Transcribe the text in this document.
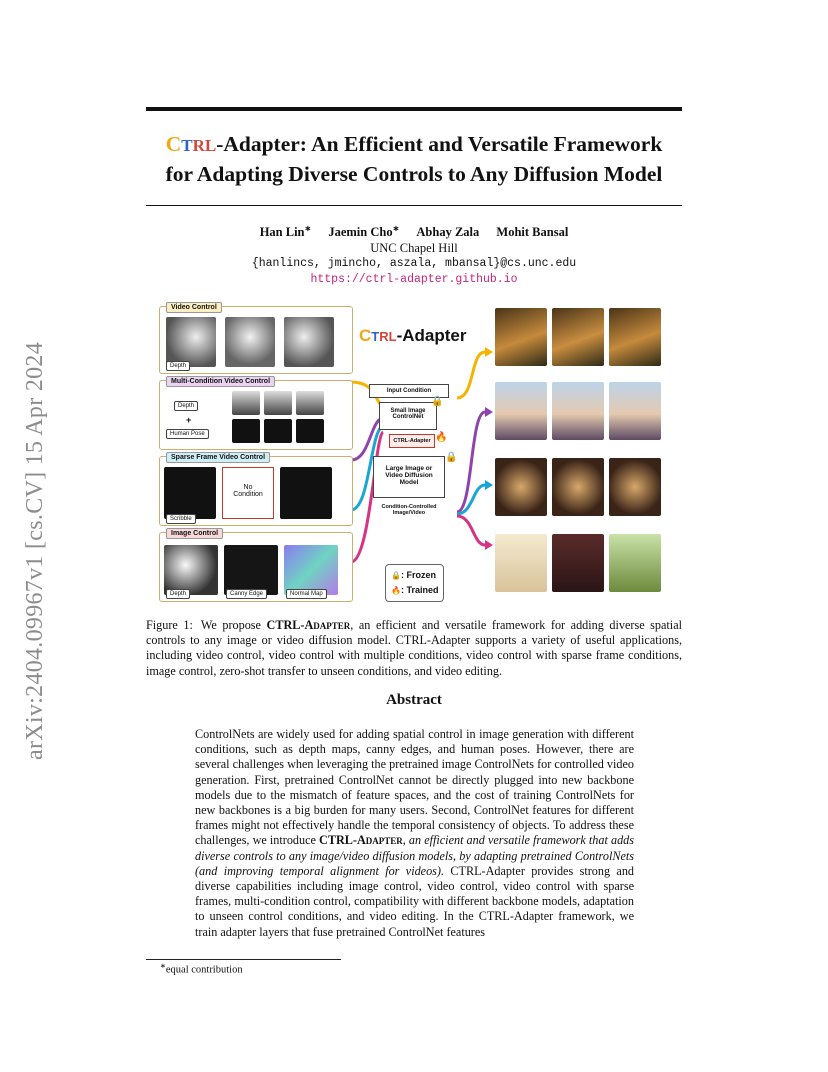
arXiv:2404.09967v1 [cs.CV] 15 Apr 2024
CTRL-Adapter: An Efficient and Versatile Framework
for Adapting Diverse Controls to Any Diffusion Model
Han Lin∗ Jaemin Cho∗ Abhay Zala Mohit Bansal
UNC Chapel Hill
{hanlincs, jmincho, aszala, mbansal}@cs.unc.edu
https://ctrl-adapter.github.io
Video Control
Depth
Multi-Condition Video Control
Depth
+
Human Pose
Sparse Frame Video Control
No Condition
Scribble
Image Control
Depth	Canny Edge	Normal Map
CTRL-Adapter
Input Condition
Small Image ControlNet
CTRL-Adapter
Large Image or Video Diffusion Model
Condition-Controlled Image/Video
🔒
🔥
🔒
🔒: Frozen
🔥: Trained
Figure 1: We propose CTRL-Adapter, an efficient and versatile framework for adding diverse spatial controls to any image or video diffusion model. CTRL-Adapter supports a variety of useful applications, including video control, video control with multiple conditions, video control with sparse frame conditions, image control, zero-shot transfer to unseen conditions, and video editing.
Abstract
ControlNets are widely used for adding spatial control in image generation with different conditions, such as depth maps, canny edges, and human poses. However, there are several challenges when leveraging the pretrained image ControlNets for controlled video generation. First, pretrained ControlNet cannot be directly plugged into new backbone models due to the mismatch of feature spaces, and the cost of training ControlNets for new backbones is a big burden for many users. Second, ControlNet features for different frames might not effectively handle the temporal consistency of objects. To address these challenges, we introduce CTRL-Adapter, an efficient and versatile framework that adds diverse controls to any image/video diffusion models, by adapting pretrained ControlNets (and improving temporal alignment for videos). CTRL-Adapter provides strong and diverse capabilities including image control, video control, video control with sparse frames, multi-condition control, compatibility with different backbone models, adaptation to unseen control conditions, and video editing. In the CTRL-Adapter framework, we train adapter layers that fuse pretrained ControlNet features
∗equal contribution
